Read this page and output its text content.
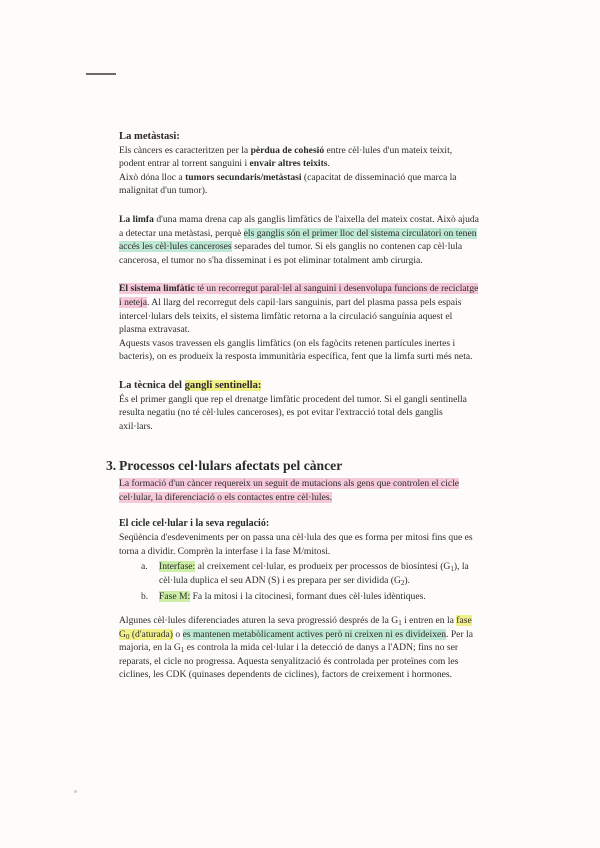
La metàstasi:

Els càncers es caracteritzen per la pèrdua de cohesió entre cèl·lules d'un mateix teixit, podent entrar al torrent sanguini i envair altres teixits.

Això dóna lloc a tumors secundaris/metàstasi (capacitat de disseminació que marca la malignitat d'un tumor).

La limfa d'una mama drena cap als ganglis limfàtics de l'aixella del mateix costat. Això ajuda a detectar una metàstasi, perquè els ganglis són el primer lloc del sistema circulatori on tenen accés les cèl·lules canceroses separades del tumor. Si els ganglis no contenen cap cèl·lula cancerosa, el tumor no s'ha disseminat i es pot eliminar totalment amb cirurgia.

El sistema limfàtic té un recorregut paral·lel al sanguini i desenvolupa funcions de reciclatge i neteja. Al llarg del recorregut dels capil·lars sanguinis, part del plasma passa pels espais intercel·lulars dels teixits, el sistema limfàtic retorna a la circulació sanguínia aquest el plasma extravasat.

Aquests vasos travessen els ganglis limfàtics (on els fagòcits retenen partícules inertes i bacteris), on es produeix la resposta immunitària específica, fent que la limfa surti més neta.

La tècnica del gangli sentinella:

És el primer gangli que rep el drenatge limfàtic procedent del tumor. Si el gangli sentinella resulta negatiu (no té cèl·lules canceroses), es pot evitar l'extracció total dels ganglis axil·lars.

3. Processos cel·lulars afectats pel càncer

La formació d'un càncer requereix un seguit de mutacions als gens que controlen el cicle cel·lular, la diferenciació o els contactes entre cèl·lules.

El cicle cel·lular i la seva regulació:

Seqüència d'esdeveniments per on passa una cèl·lula des que es forma per mitosi fins que es torna a dividir. Comprèn la interfase i la fase M/mitosi.

a. Interfase: al creixement cel·lular, es produeix per processos de biosíntesi $(G_1)$, la cèl·lula duplica el seu ADN (S) i es prepara per ser dividida $(G_2)$.
b. Fase M: Fa la mitosi i la citocinesi, formant dues cèl·lules idèntiques.

Algunes cèl·lules diferenciades aturen la seva progressió després de la $G_1$ i entren en la fase $G_0$ (d'aturada) o es mantenen metabòlicament actives però ni creixen ni es divideixen. Per la majoria, en la $G_1$ es controla la mida cel·lular i la detecció de danys a l'ADN; fins no ser reparats, el cicle no progressa. Aquesta senyalització és controlada per proteïnes com les ciclines, les CDK (quinases dependents de ciclines), factors de creixement i hormones.
